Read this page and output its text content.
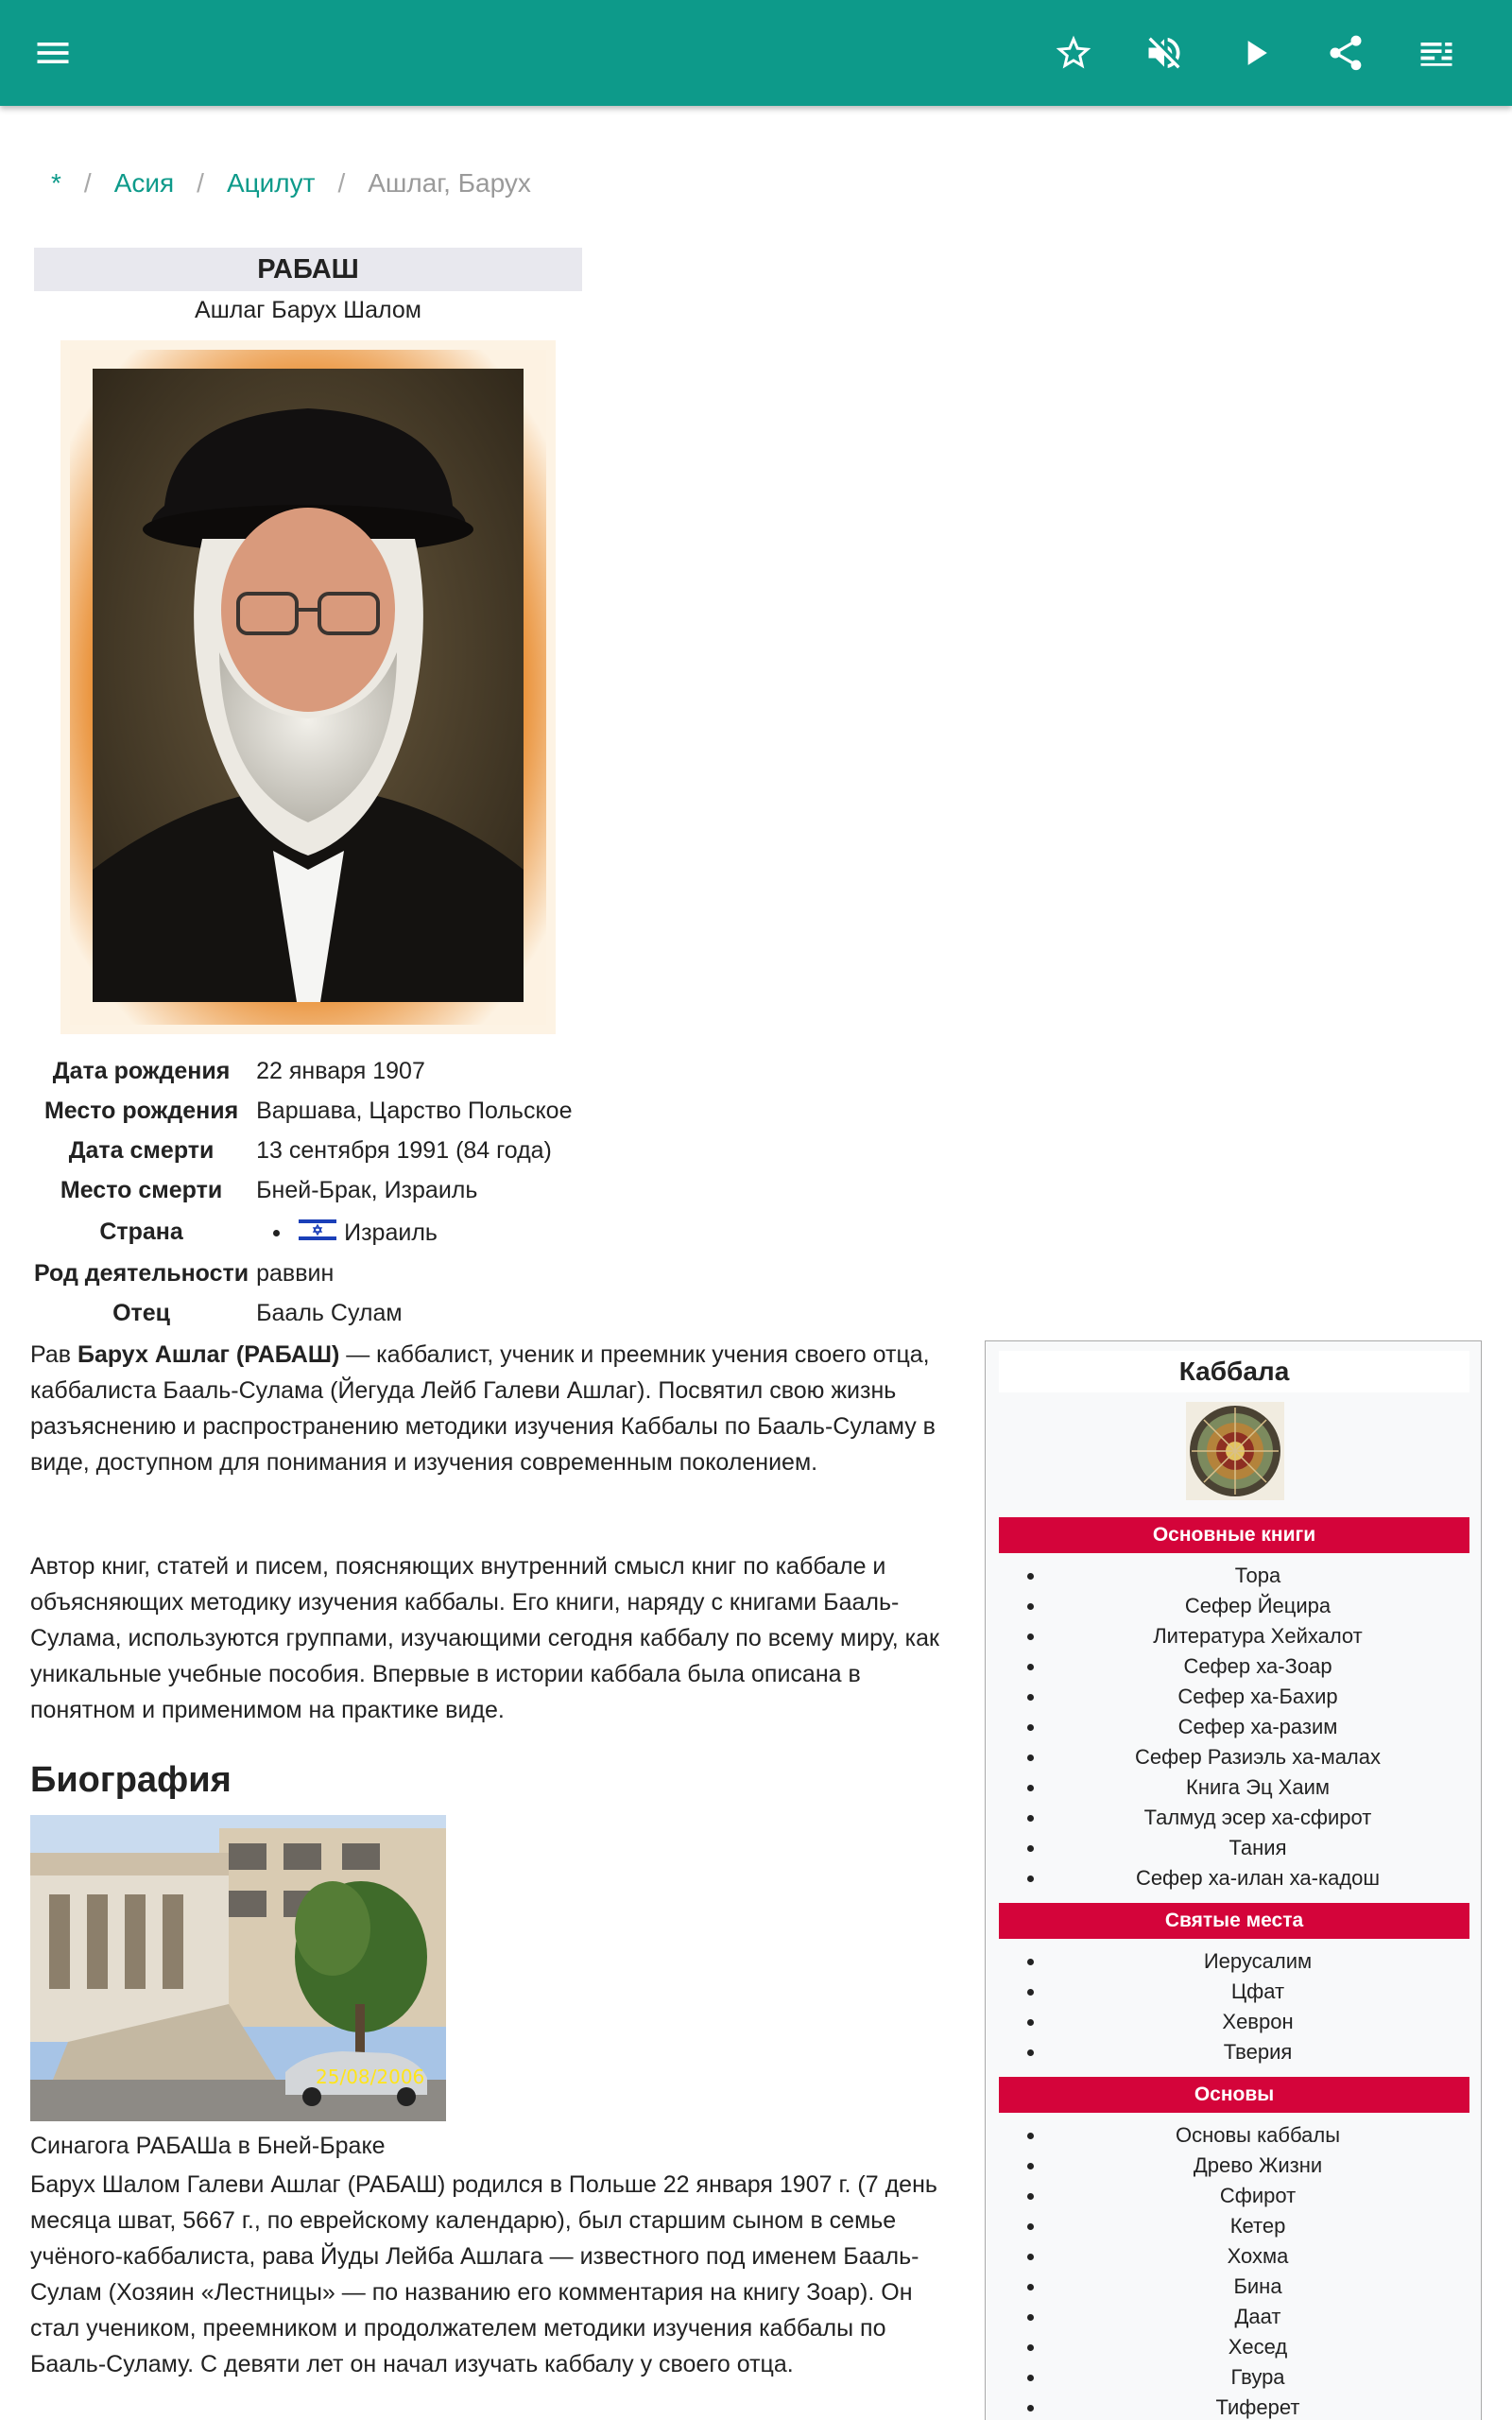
* / Асия / Ацилут / Ашлаг, Барух
РАБАШ
Ашлаг Барух Шалом
Дата рождения	22 января 1907
Место рождения	Варшава, Царство Польское
Дата смерти	13 сентября 1991 (84 года)
Место смерти	Бней-Брак, Израиль
Страна	Израиль
Род деятельности	раввин
Отец	Бааль Сулам

Рав Барух Ашлаг (РАБАШ) — каббалист, ученик и преемник учения своего отца, каббалиста Бааль-Сулама (Йегуда Лейб Галеви Ашлаг). Посвятил свою жизнь разъяснению и распространению методики изучения Каббалы по Бааль-Суламу в виде, доступном для понимания и изучения современным поколением.

Автор книг, статей и писем, поясняющих внутренний смысл книг по каббале и объясняющих методику изучения каббалы. Его книги, наряду с книгами Бааль-Сулама, используются группами, изучающими сегодня каббалу по всему миру, как уникальные учебные пособия. Впервые в истории каббала была описана в понятном и применимом на практике виде.

Биография
25/08/2006
Синагога РАБАШа в Бней-Браке

Барух Шалом Галеви Ашлаг (РАБАШ) родился в Польше 22 января 1907 г. (7 день месяца шват, 5667 г., по еврейскому календарю), был старшим сыном в семье учёного-каббалиста, рава Йуды Лейба Ашлага — известного под именем Бааль-Сулам (Хозяин «Лестницы» — по названию его комментария на книгу Зоар). Он стал учеником, преемником и продолжателем методики изучения каббалы по Бааль-Суламу. С девяти лет он начал изучать каббалу у своего отца.

Каббала
Основные книги
Тора
Сефер Йецира
Литература Хейхалот
Сефер ха-Зоар
Сефер ха-Бахир
Сефер ха-разим
Сефер Разиэль ха-малах
Книга Эц Хаим
Талмуд эсер ха-сфирот
Тания
Сефер ха-илан ха-кадош
Святые места
Иерусалим
Цфат
Хеврон
Тверия
Основы
Основы каббалы
Древо Жизни
Сфирот
Кетер
Хохма
Бина
Даат
Хесед
Гвура
Тиферет
